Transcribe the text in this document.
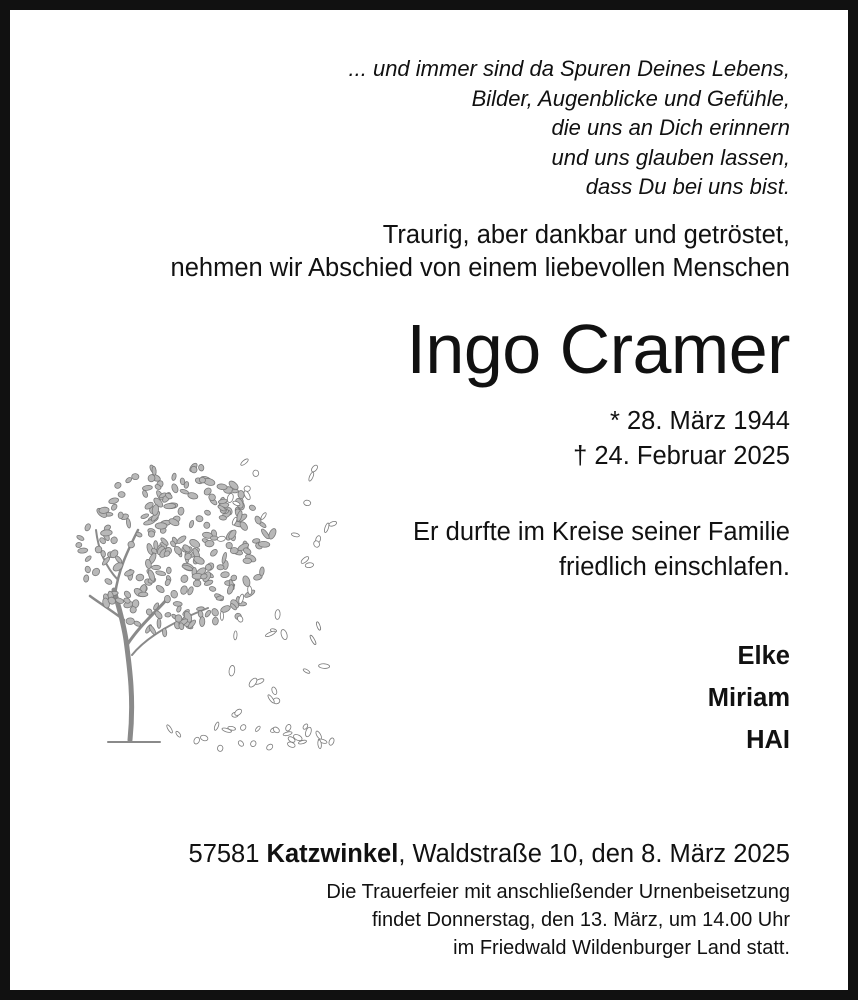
... und immer sind da Spuren Deines Lebens,
Bilder, Augenblicke und Gefühle,
die uns an Dich erinnern
und uns glauben lassen,
dass Du bei uns bist.
Traurig, aber dankbar und getröstet,
nehmen wir Abschied von einem liebevollen Menschen
Ingo Cramer
* 28. März 1944
† 24. Februar 2025
Er durfte im Kreise seiner Familie
friedlich einschlafen.
Elke
Miriam
HAI
57581 Katzwinkel, Waldstraße 10, den 8. März 2025
Die Trauerfeier mit anschließender Urnenbeisetzung
findet Donnerstag, den 13. März, um 14.00 Uhr
im Friedwald Wildenburger Land statt.
